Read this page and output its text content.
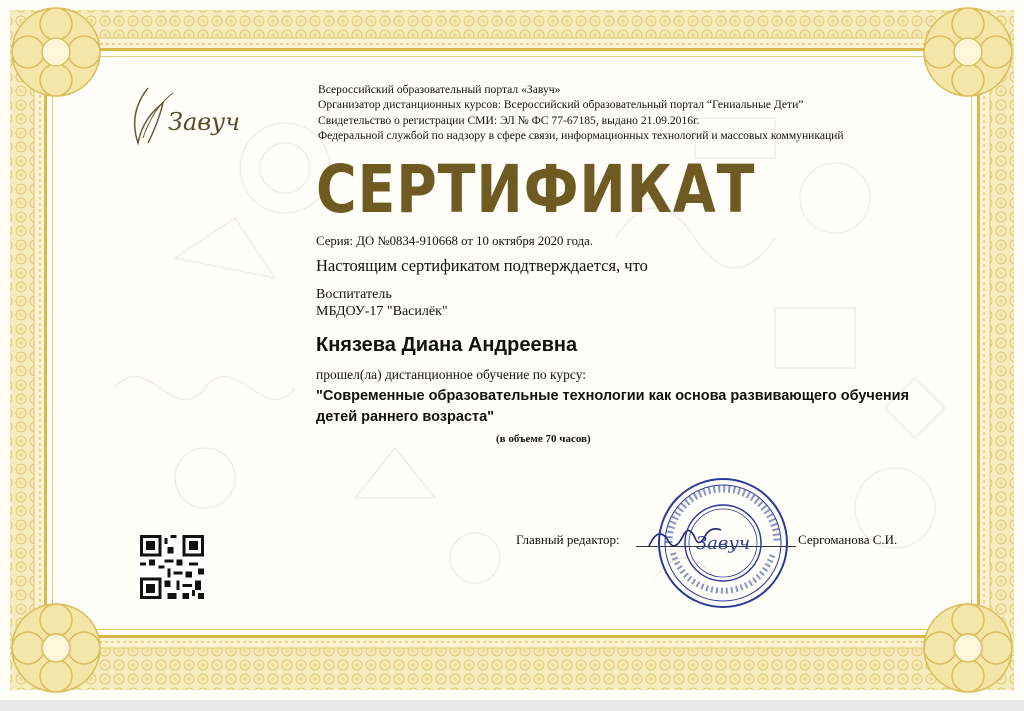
Завуч
Всероссийский образовательный портал «Завуч»
Организатор дистанционных курсов: Всероссийский образовательный портал “Гениальные Дети”
Свидетельство о регистрации СМИ: ЭЛ № ФС 77-67185, выдано 21.09.2016г.
Федеральной службой по надзору в сфере связи, информационных технологий и массовых коммуникаций
СЕРТИФИКАТ
Серия: ДО №0834-910668 от 10 октября 2020 года.
Настоящим сертификатом подтверждается, что
Воспитатель
МБДОУ-17 "Василёк"
Князева Диана Андреевна
прошел(ла) дистанционное обучение по курсу:
"Современные образовательные технологии как основа развивающего обучения детей раннего возраста"
(в объеме 70 часов)
Главный редактор:	Завуч	Сергоманова С.И.
